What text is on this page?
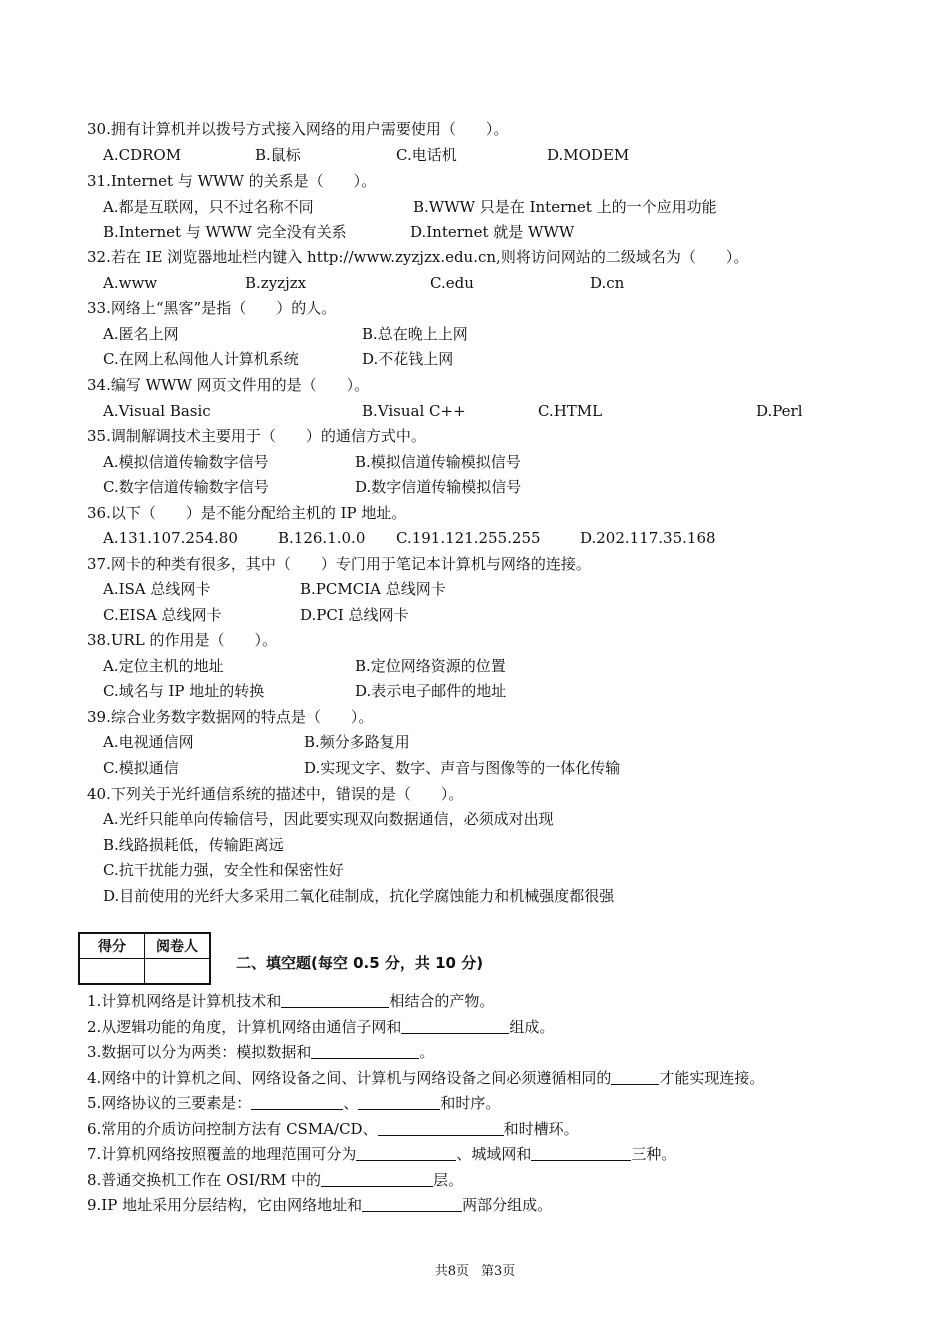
30.拥有计算机并以拨号方式接入网络的用户需要使用（　　）。
A.CDROM	B.鼠标	C.电话机	D.MODEM
31.Internet 与 WWW 的关系是（　　）。
A.都是互联网，只不过名称不同	B.WWW 只是在 Internet 上的一个应用功能
B.Internet 与 WWW 完全没有关系	D.Internet 就是 WWW
32.若在 IE 浏览器地址栏内键入 http://www.zyzjzx.edu.cn,则将访问网站的二级域名为（　　）。
A.www	B.zyzjzx	C.edu	D.cn
33.网络上“黑客”是指（　　）的人。
A.匿名上网	B.总在晚上上网
C.在网上私闯他人计算机系统	D.不花钱上网
34.编写 WWW 网页文件用的是（　　）。
A.Visual Basic	B.Visual C++	C.HTML	D.Perl
35.调制解调技术主要用于（　　）的通信方式中。
A.模拟信道传输数字信号	B.模拟信道传输模拟信号
C.数字信道传输数字信号	D.数字信道传输模拟信号
36.以下（　　）是不能分配给主机的 IP 地址。
A.131.107.254.80	B.126.1.0.0 C.191.121.255.255	D.202.117.35.168
37.网卡的种类有很多，其中（　　）专门用于笔记本计算机与网络的连接。
A.ISA 总线网卡	B.PCMCIA 总线网卡
C.EISA 总线网卡	D.PCI 总线网卡
38.URL 的作用是（　　）。
A.定位主机的地址	B.定位网络资源的位置
C.域名与 IP 地址的转换	D.表示电子邮件的地址
39.综合业务数字数据网的特点是（　　）。
A.电视通信网	B.频分多路复用
C.模拟通信	D.实现文字、数字、声音与图像等的一体化传输
40.下列关于光纤通信系统的描述中，错误的是（　　）。
A.光纤只能单向传输信号，因此要实现双向数据通信，必须成对出现
B.线路损耗低，传输距离远
C.抗干扰能力强，安全性和保密性好
D.目前使用的光纤大多采用二氧化硅制成，抗化学腐蚀能力和机械强度都很强
得分	阅卷人

二、填空题(每空 0.5 分，共 10 分)
1.计算机网络是计算机技术和	相结合的产物。
2.从逻辑功能的角度，计算机网络由通信子网和	组成。
3.数据可以分为两类：模拟数据和	。
4.网络中的计算机之间、网络设备之间、计算机与网络设备之间必须遵循相同的	才能实现连接。
5.网络协议的三要素是：	、	和时序。
6.常用的介质访问控制方法有 CSMA/CD、	和时槽环。
7.计算机网络按照覆盖的地理范围可分为	、城域网和	三种。
8.普通交换机工作在 OSI/RM 中的	层。
9.IP 地址采用分层结构，它由网络地址和	两部分组成。
共8页 第3页
